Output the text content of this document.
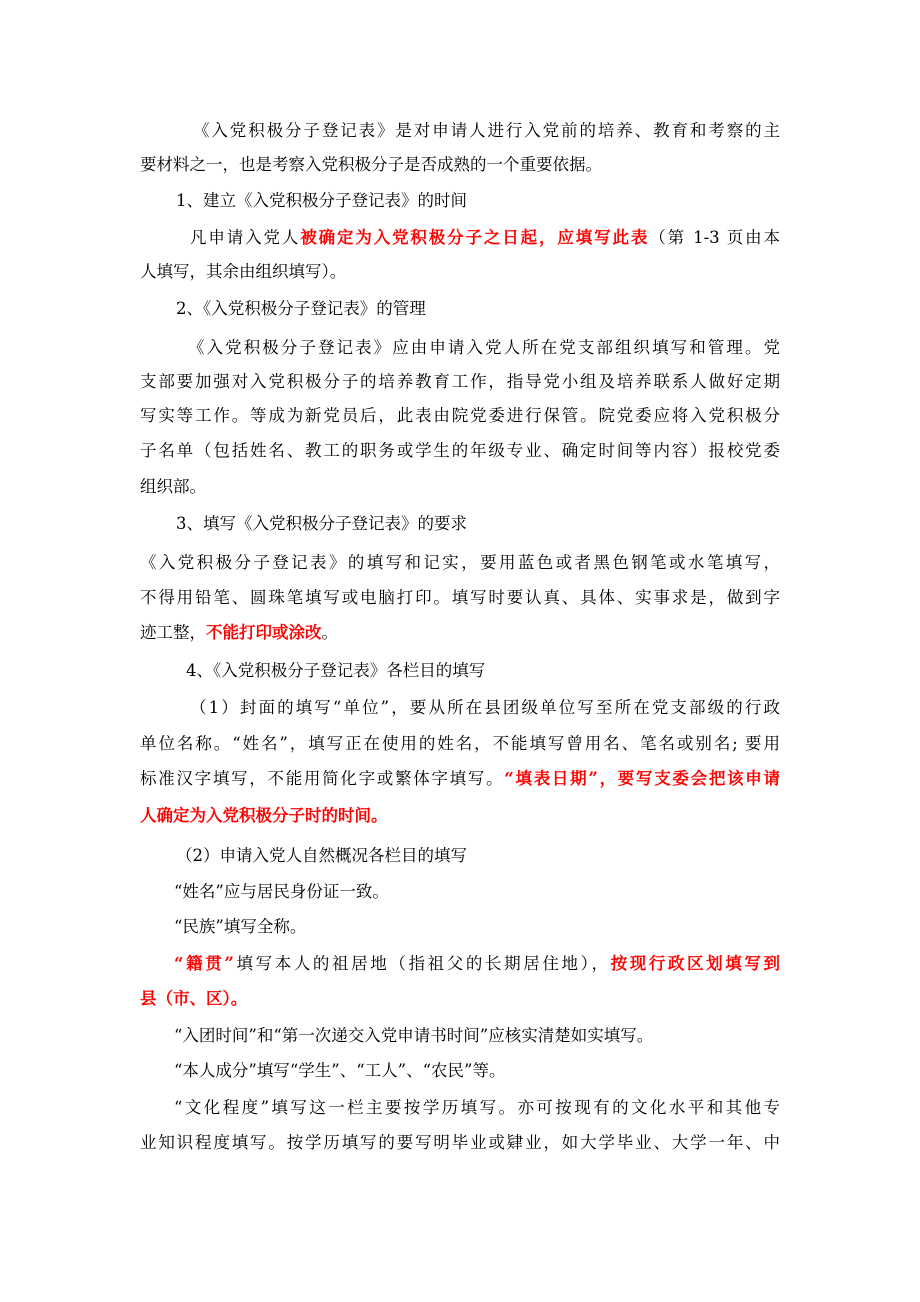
《入党积极分子登记表》是对申请人进行入党前的培养、教育和考察的主
要材料之一，也是考察入党积极分子是否成熟的一个重要依据。
1、建立《入党积极分子登记表》的时间
凡申请入党人被确定为入党积极分子之日起，应填写此表（第 1-3 页由本
人填写，其余由组织填写）。
2、《入党积极分子登记表》的管理
《入党积极分子登记表》应由申请入党人所在党支部组织填写和管理。党
支部要加强对入党积极分子的培养教育工作，指导党小组及培养联系人做好定期
写实等工作。等成为新党员后，此表由院党委进行保管。院党委应将入党积极分
子名单（包括姓名、教工的职务或学生的年级专业、确定时间等内容）报校党委
组织部。
3、填写《入党积极分子登记表》的要求
《入党积极分子登记表》的填写和记实，要用蓝色或者黑色钢笔或水笔填写，
不得用铅笔、圆珠笔填写或电脑打印。填写时要认真、具体、实事求是，做到字
迹工整，不能打印或涂改。
4、《入党积极分子登记表》各栏目的填写
（1）封面的填写“单位”，要从所在县团级单位写至所在党支部级的行政
单位名称。“姓名”，填写正在使用的姓名，不能填写曾用名、笔名或别名; 要用
标准汉字填写，不能用简化字或繁体字填写。“填表日期”，要写支委会把该申请
人确定为入党积极分子时的时间。
（2）申请入党人自然概况各栏目的填写
“姓名”应与居民身份证一致。
“民族”填写全称。
“籍贯”填写本人的祖居地（指祖父的长期居住地），按现行政区划填写到
县（市、区）。
“入团时间”和“第一次递交入党申请书时间”应核实清楚如实填写。
“本人成分”填写“学生”、“工人”、“农民”等。
“文化程度”填写这一栏主要按学历填写。亦可按现有的文化水平和其他专
业知识程度填写。按学历填写的要写明毕业或肄业，如大学毕业、大学一年、中
